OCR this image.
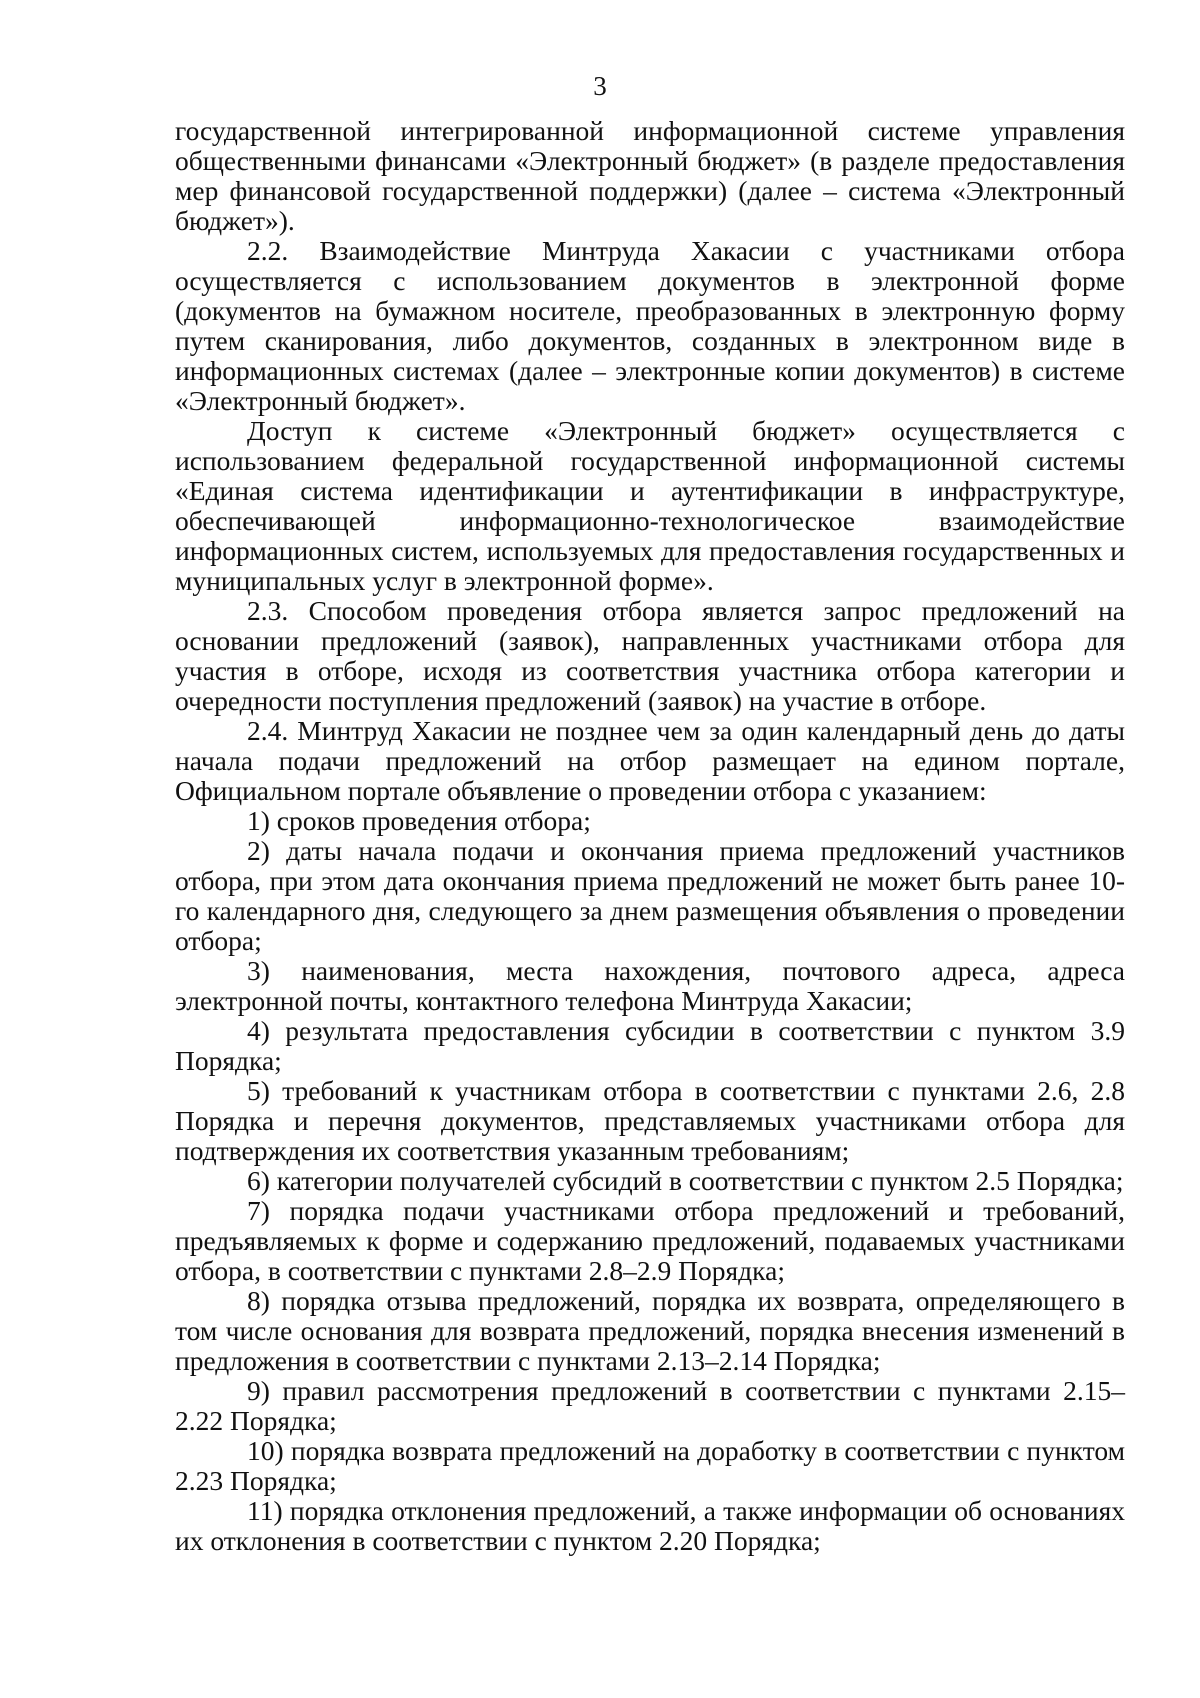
3

государственной интегрированной информационной системе управления общественными финансами «Электронный бюджет» (в разделе предоставления мер финансовой государственной поддержки) (далее – система «Электронный бюджет»).

2.2. Взаимодействие Минтруда Хакасии с участниками отбора осуществляется с использованием документов в электронной форме (документов на бумажном носителе, преобразованных в электронную форму путем сканирования, либо документов, созданных в электронном виде в информационных системах (далее – электронные копии документов) в системе «Электронный бюджет».

Доступ к системе «Электронный бюджет» осуществляется с использованием федеральной государственной информационной системы «Единая система идентификации и аутентификации в инфраструктуре, обеспечивающей информационно-технологическое взаимодействие информационных систем, используемых для предоставления государственных и муниципальных услуг в электронной форме».

2.3. Способом проведения отбора является запрос предложений на основании предложений (заявок), направленных участниками отбора для участия в отборе, исходя из соответствия участника отбора категории и очередности поступления предложений (заявок) на участие в отборе.

2.4. Минтруд Хакасии не позднее чем за один календарный день до даты начала подачи предложений на отбор размещает на едином портале, Официальном портале объявление о проведении отбора с указанием:

1) сроков проведения отбора;

2) даты начала подачи и окончания приема предложений участников отбора, при этом дата окончания приема предложений не может быть ранее 10-го календарного дня, следующего за днем размещения объявления о проведении отбора;

3) наименования, места нахождения, почтового адреса, адреса электронной почты, контактного телефона Минтруда Хакасии;

4) результата предоставления субсидии в соответствии с пунктом 3.9 Порядка;

5) требований к участникам отбора в соответствии с пунктами 2.6, 2.8 Порядка и перечня документов, представляемых участниками отбора для подтверждения их соответствия указанным требованиям;

6) категории получателей субсидий в соответствии с пунктом 2.5 Порядка;

7) порядка подачи участниками отбора предложений и требований, предъявляемых к форме и содержанию предложений, подаваемых участниками отбора, в соответствии с пунктами 2.8–2.9 Порядка;

8) порядка отзыва предложений, порядка их возврата, определяющего в том числе основания для возврата предложений, порядка внесения изменений в предложения в соответствии с пунктами 2.13–2.14 Порядка;

9) правил рассмотрения предложений в соответствии с пунктами 2.15–2.22 Порядка;

10) порядка возврата предложений на доработку в соответствии с пунктом 2.23 Порядка;

11) порядка отклонения предложений, а также информации об основаниях их отклонения в соответствии с пунктом 2.20 Порядка;
